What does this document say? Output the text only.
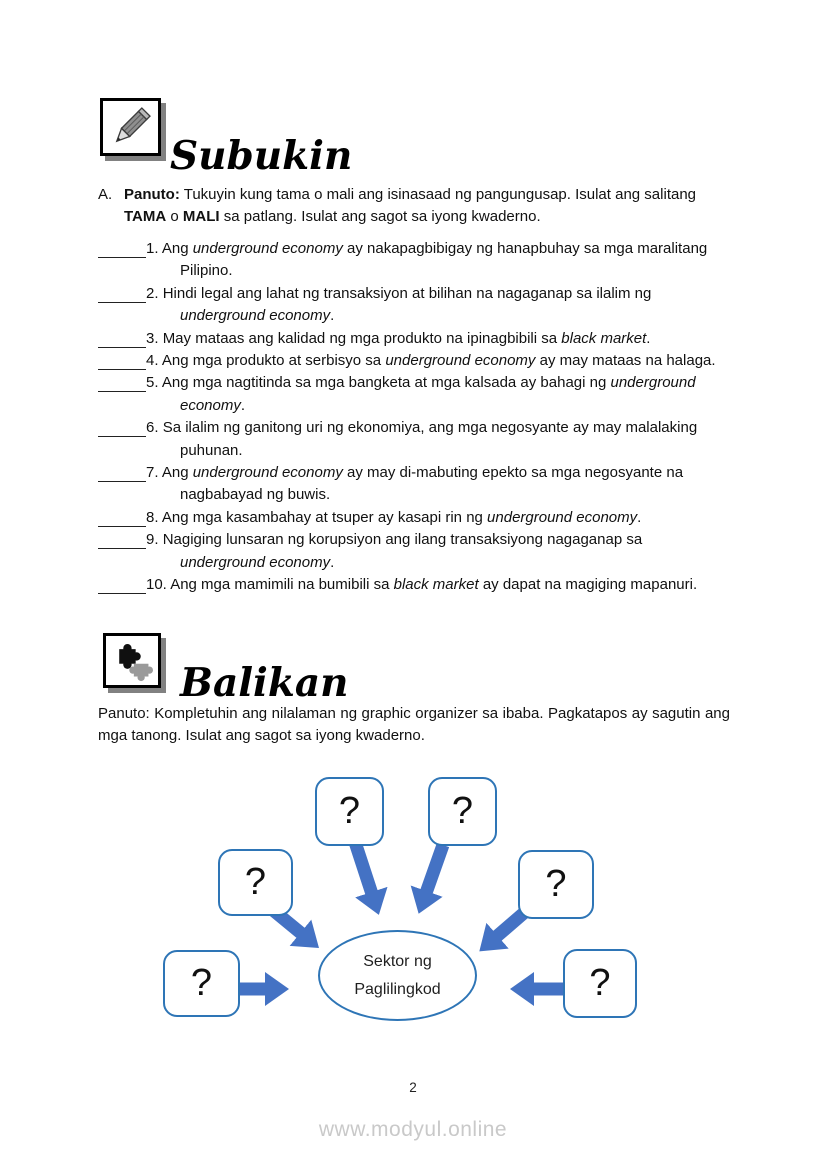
Subukin
A. Panuto: Tukuyin kung tama o mali ang isinasaad ng pangungusap. Isulat ang salitang TAMA o MALI sa patlang. Isulat ang sagot sa iyong kwaderno.
1. Ang underground economy ay nakapagbibigay ng hanapbuhay sa mga maralitang Pilipino.
2. Hindi legal ang lahat ng transaksiyon at bilihan na nagaganap sa ilalim ng underground economy.
3. May mataas ang kalidad ng mga produkto na ipinagbibili sa black market.
4. Ang mga produkto at serbisyo sa underground economy ay may mataas na halaga.
5. Ang mga nagtitinda sa mga bangketa at mga kalsada ay bahagi ng underground economy.
6. Sa ilalim ng ganitong uri ng ekonomiya, ang mga negosyante ay may malalaking puhunan.
7. Ang underground economy ay may di-mabuting epekto sa mga negosyante na nagbabayad ng buwis.
8. Ang mga kasambahay at tsuper ay kasapi rin ng underground economy.
9. Nagiging lunsaran ng korupsiyon ang ilang transaksiyong nagaganap sa underground economy.
10. Ang mga mamimili na bumibili sa black market ay dapat na magiging mapanuri.
Balikan

Panuto: Kompletuhin ang nilalaman ng graphic organizer sa ibaba. Pagkatapos ay sagutin ang mga tanong. Isulat ang sagot sa iyong kwaderno.

? ?
?	?
?	?
Sektor ng
Paglilingkod
2
www.modyul.online
